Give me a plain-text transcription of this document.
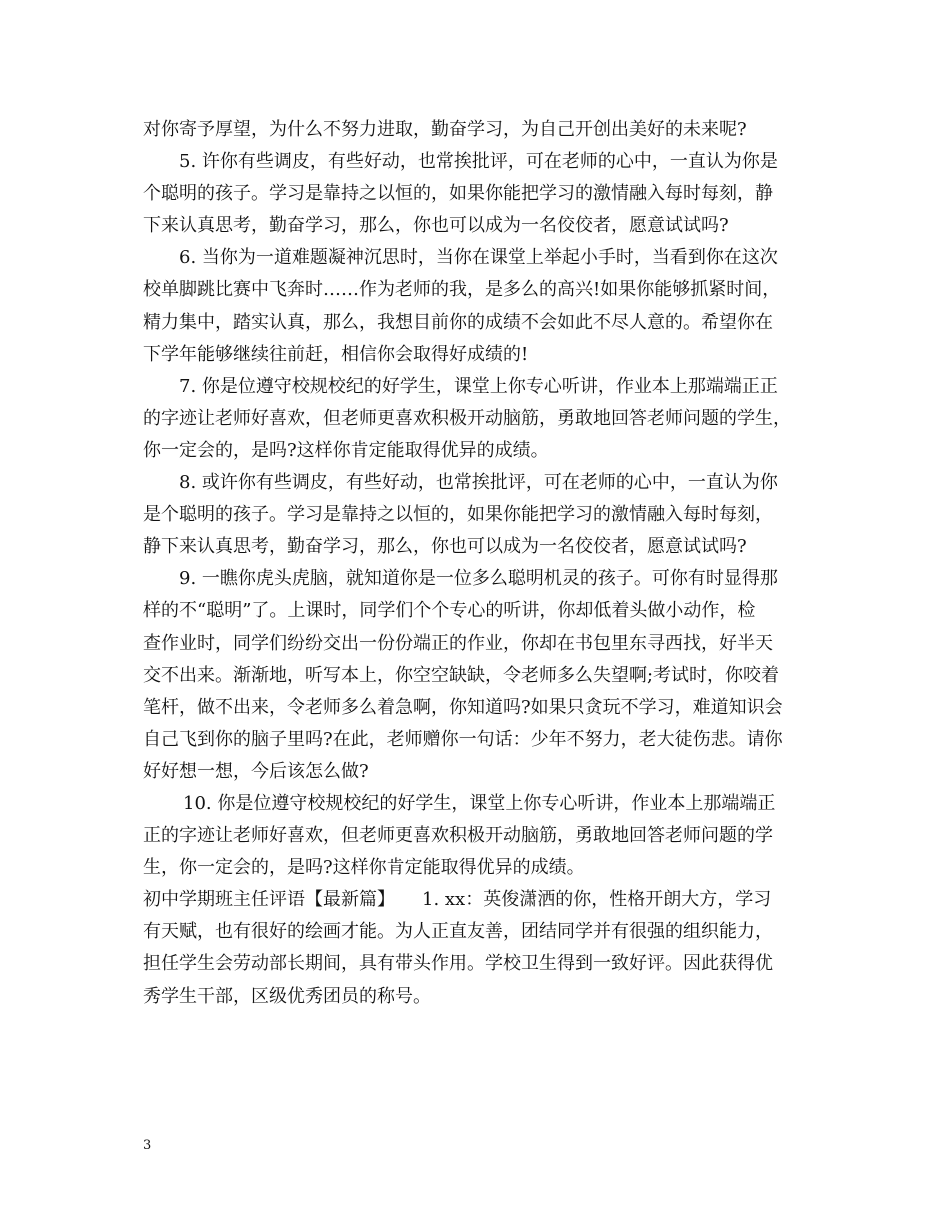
对你寄予厚望，为什么不努力进取，勤奋学习，为自己开创出美好的未来呢?
5. 许你有些调皮，有些好动，也常挨批评，可在老师的心中，一直认为你是
个聪明的孩子。学习是靠持之以恒的，如果你能把学习的激情融入每时每刻，静
下来认真思考，勤奋学习，那么，你也可以成为一名佼佼者，愿意试试吗?
6. 当你为一道难题凝神沉思时，当你在课堂上举起小手时，当看到你在这次
校单脚跳比赛中飞奔时……作为老师的我，是多么的高兴!如果你能够抓紧时间，
精力集中，踏实认真，那么，我想目前你的成绩不会如此不尽人意的。希望你在
下学年能够继续往前赶，相信你会取得好成绩的!
7. 你是位遵守校规校纪的好学生，课堂上你专心听讲，作业本上那端端正正
的字迹让老师好喜欢，但老师更喜欢积极开动脑筋，勇敢地回答老师问题的学生，
你一定会的，是吗?这样你肯定能取得优异的成绩。
8. 或许你有些调皮，有些好动，也常挨批评，可在老师的心中，一直认为你
是个聪明的孩子。学习是靠持之以恒的，如果你能把学习的激情融入每时每刻，
静下来认真思考，勤奋学习，那么，你也可以成为一名佼佼者，愿意试试吗?
9. 一瞧你虎头虎脑，就知道你是一位多么聪明机灵的孩子。可你有时显得那
样的不“聪明”了。上课时，同学们个个专心的听讲，你却低着头做小动作，检
查作业时，同学们纷纷交出一份份端正的作业，你却在书包里东寻西找，好半天
交不出来。渐渐地，听写本上，你空空缺缺，令老师多么失望啊;考试时，你咬着
笔杆，做不出来，令老师多么着急啊，你知道吗?如果只贪玩不学习，难道知识会
自己飞到你的脑子里吗?在此，老师赠你一句话：少年不努力，老大徒伤悲。请你
好好想一想，今后该怎么做?
10. 你是位遵守校规校纪的好学生，课堂上你专心听讲，作业本上那端端正
正的字迹让老师好喜欢，但老师更喜欢积极开动脑筋，勇敢地回答老师问题的学
生，你一定会的，是吗?这样你肯定能取得优异的成绩。
初中学期班主任评语【最新篇】　　1. xx：英俊潇洒的你，性格开朗大方，学习
有天赋，也有很好的绘画才能。为人正直友善，团结同学并有很强的组织能力，
担任学生会劳动部长期间，具有带头作用。学校卫生得到一致好评。因此获得优
秀学生干部，区级优秀团员的称号。
3
